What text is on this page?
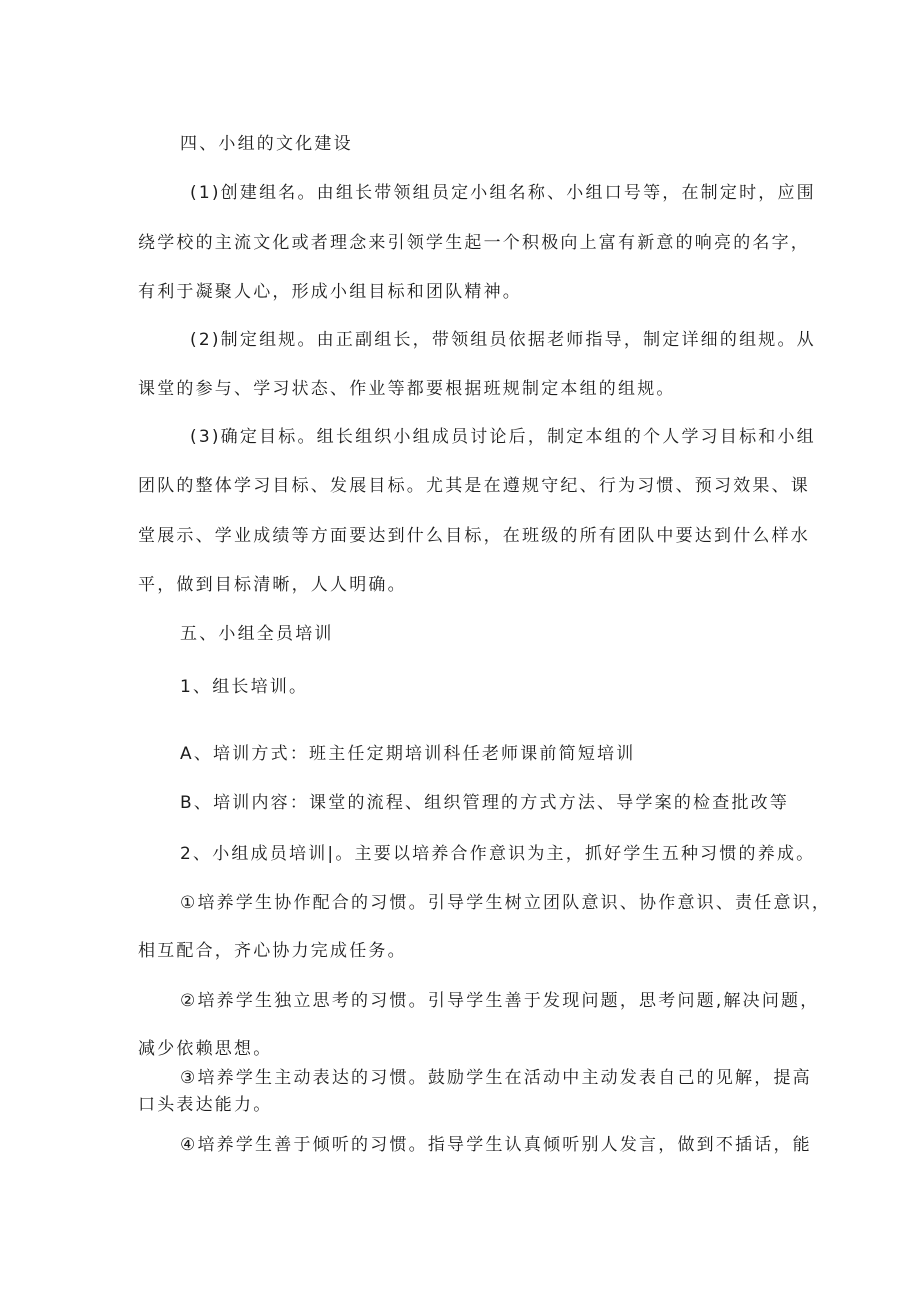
四、小组的文化建设
(1)创建组名。由组长带领组员定小组名称、小组口号等，在制定时，应围
绕学校的主流文化或者理念来引领学生起一个积极向上富有新意的响亮的名字，
有利于凝聚人心，形成小组目标和团队精神。
(2)制定组规。由正副组长，带领组员依据老师指导，制定详细的组规。从
课堂的参与、学习状态、作业等都要根据班规制定本组的组规。
(3)确定目标。组长组织小组成员讨论后，制定本组的个人学习目标和小组
团队的整体学习目标、发展目标。尤其是在遵规守纪、行为习惯、预习效果、课
堂展示、学业成绩等方面要达到什么目标，在班级的所有团队中要达到什么样水
平，做到目标清晰，人人明确。
五、小组全员培训
1、组长培训。
A、培训方式：班主任定期培训科任老师课前简短培训
B、培训内容：课堂的流程、组织管理的方式方法、导学案的检查批改等
2、小组成员培训|。主要以培养合作意识为主，抓好学生五种习惯的养成。
①培养学生协作配合的习惯。引导学生树立团队意识、协作意识、责任意识，
相互配合，齐心协力完成任务。
②培养学生独立思考的习惯。引导学生善于发现问题，思考问题,解决问题，
减少依赖思想。
③培养学生主动表达的习惯。鼓励学生在活动中主动发表自己的见解，提高
口头表达能力。
④培养学生善于倾听的习惯。指导学生认真倾听别人发言，做到不插话，能
